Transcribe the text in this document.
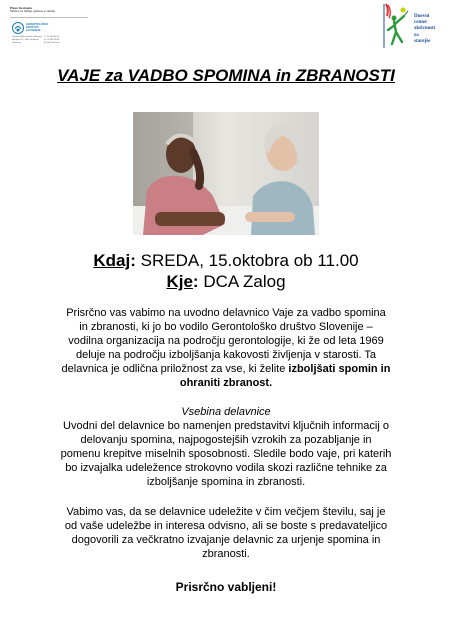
Pleso Geología
Skrbimo za zdravje, ljubezen in zdravje
GERONTOLOŠKO
DRUŠTVO
SLOVENIJE
Gerontološko društvo Slovenije
Resljeva 11, 1000 Ljubljana
Slovenija
T: 01 433 93 90
F: 01 433 93 90
E: gds@siol.net
Dnevni
center
aktivnosti
za
starejše
VAJE za VADBO SPOMINA in ZBRANOSTI
Kdaj: SREDA, 15.oktobra ob 11.00
Kje: DCA Zalog
Prisrčno vas vabimo na uvodno delavnico Vaje za vadbo spomina
in zbranosti, ki jo bo vodilo Gerontološko društvo Slovenije –
vodilna organizacija na področju gerontologije, ki že od leta 1969
deluje na področju izboljšanja kakovosti življenja v starosti. Ta
delavnica je odlična priložnost za vse, ki želite izboljšati spomin in
ohraniti zbranost.
Vsebina delavnice
Uvodni del delavnice bo namenjen predstavitvi ključnih informacij o
delovanju spomina, najpogostejših vzrokih za pozabljanje in
pomenu krepitve miselnih sposobnosti. Sledile bodo vaje, pri katerih
bo izvajalka udeležence strokovno vodila skozi različne tehnike za
izboljšanje spomina in zbranosti.
Vabimo vas, da se delavnice udeležite v čim večjem številu, saj je
od vaše udeležbe in interesa odvisno, ali se boste s predavateljico
dogovorili za večkratno izvajanje delavnic za urjenje spomina in
zbranosti.
Prisrčno vabljeni!
